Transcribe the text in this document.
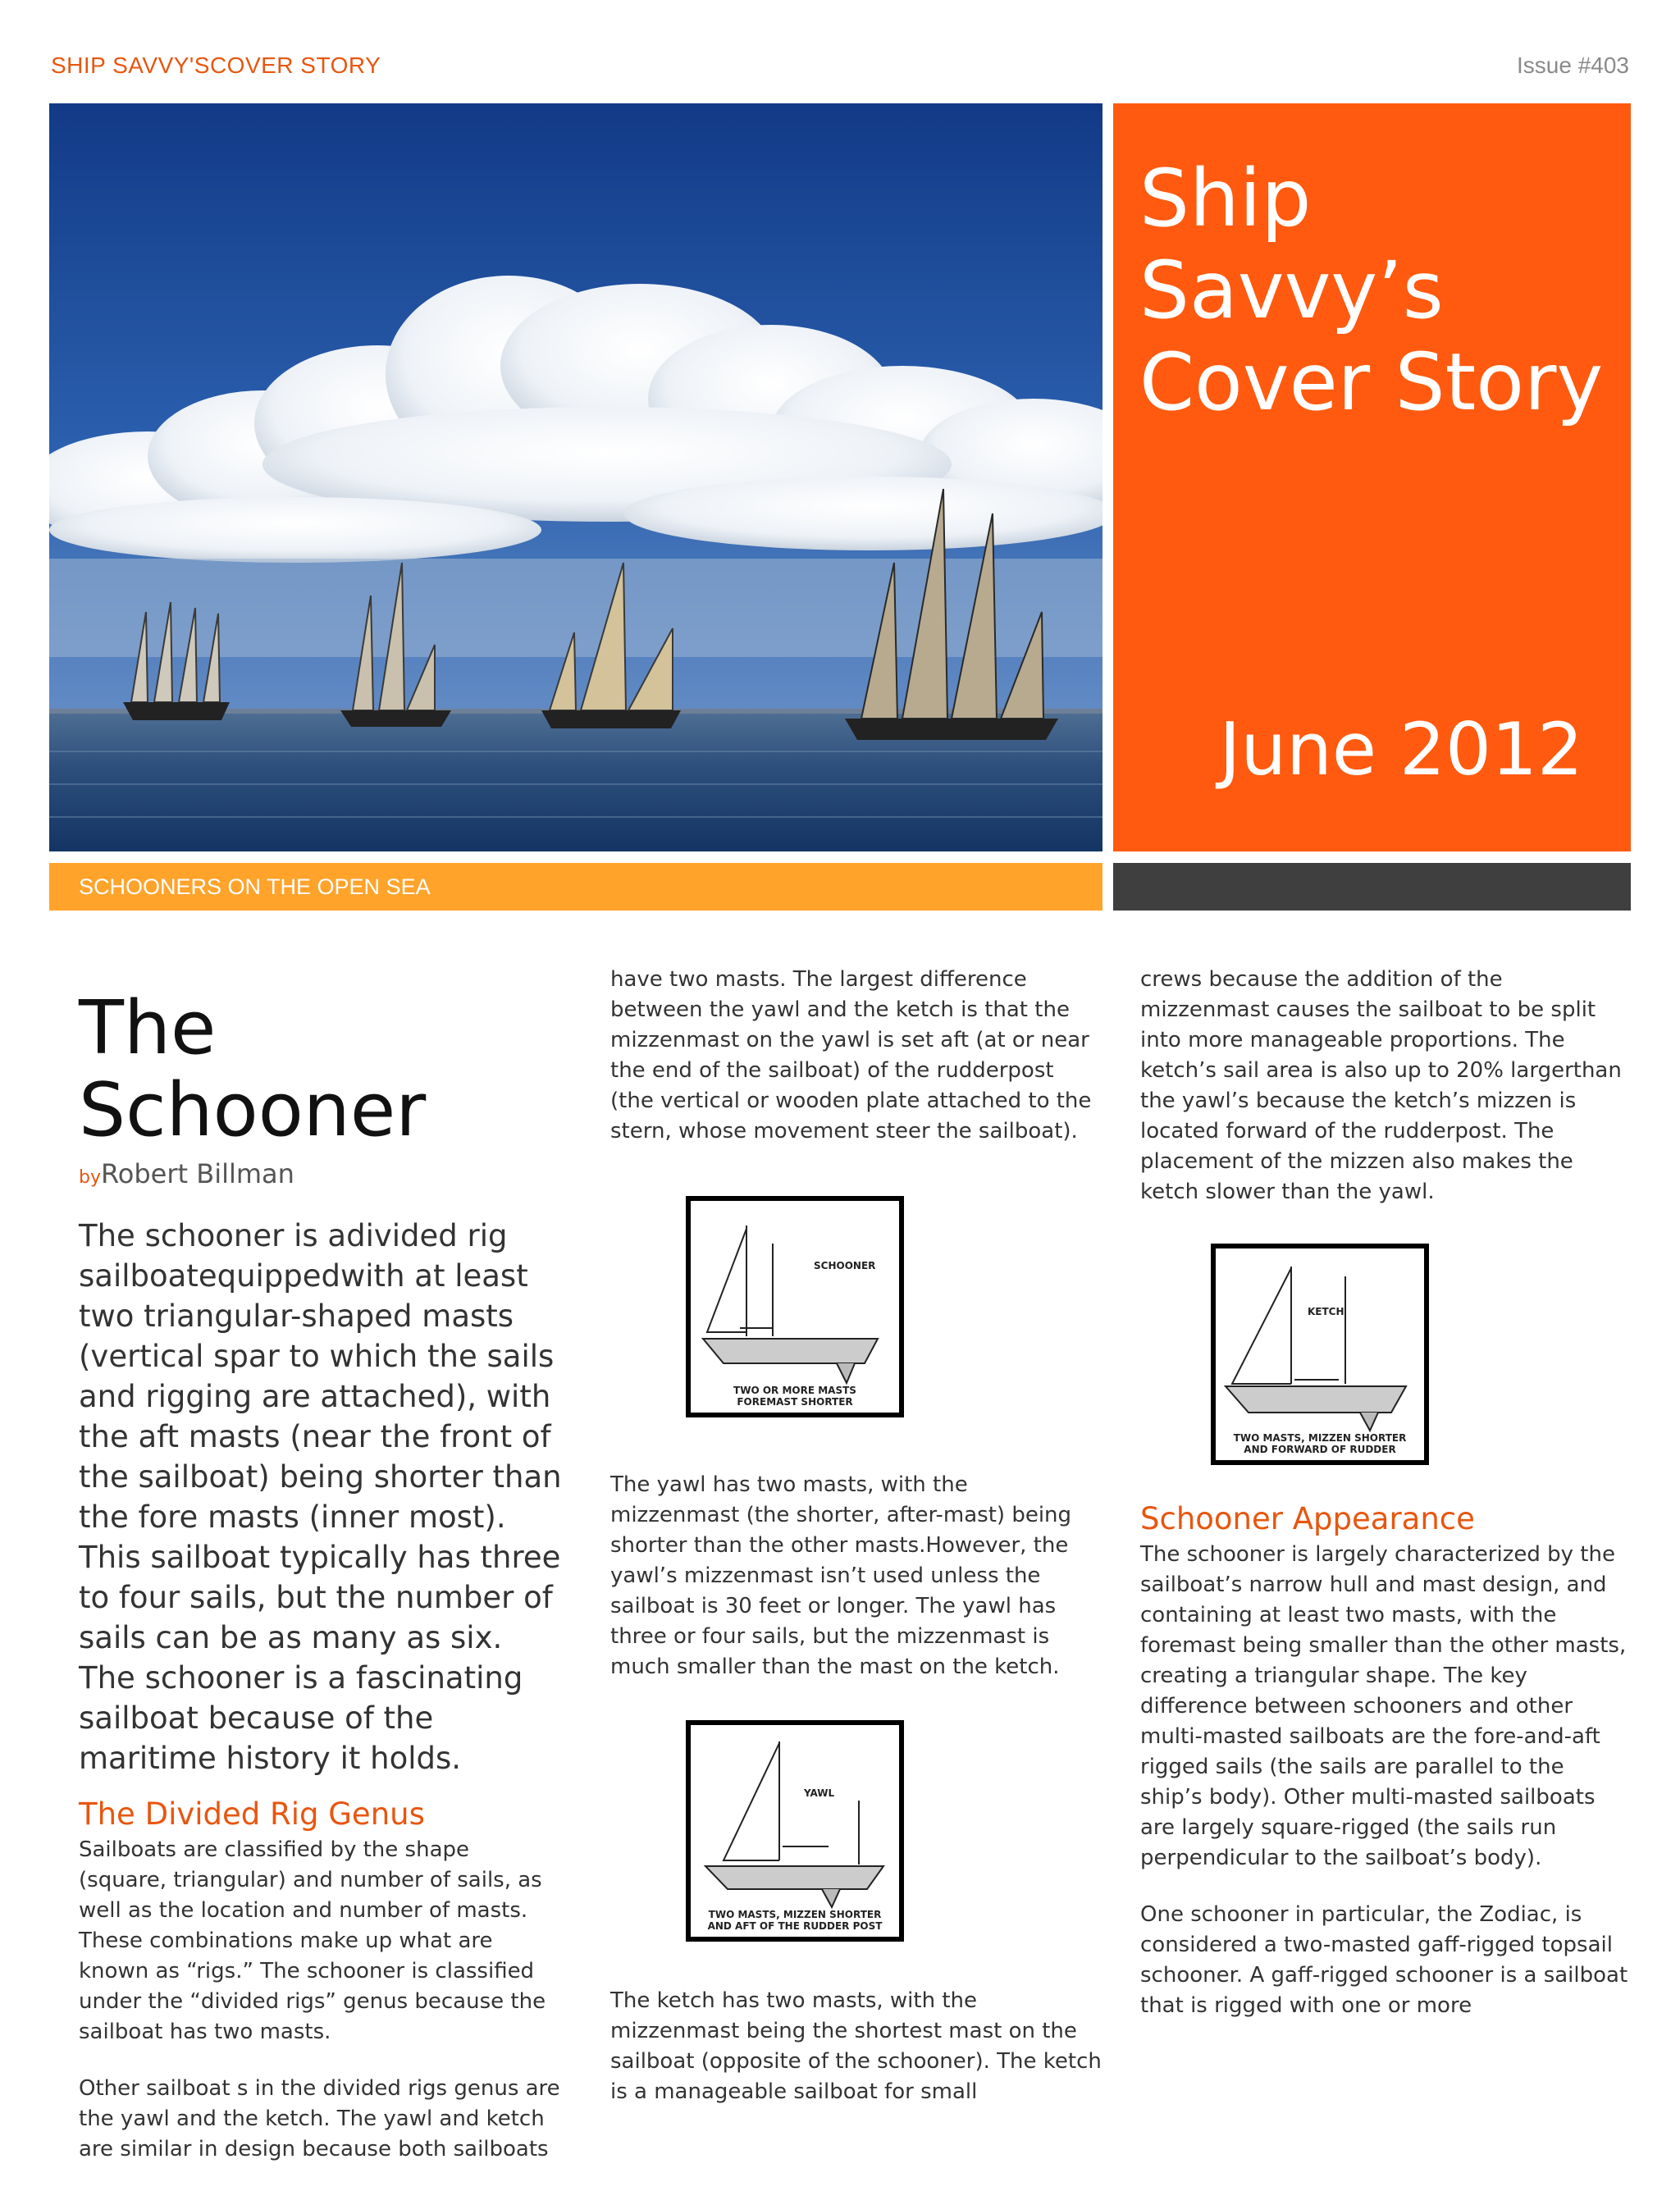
SHIP SAVVY'SCOVER STORY	Issue #403
Ship Savvy’s
Cover Story
June 2012
SCHOONERS ON THE OPEN SEA
The Schooner
byRobert Billman

The schooner is adivided rig sailboatequippedwith at least two triangular-shaped masts (vertical spar to which the sails and rigging are attached), with the aft masts (near the front of the sailboat) being shorter than the fore masts (inner most). This sailboat typically has three to four sails, but the number of sails can be as many as six. The schooner is a fascinating sailboat because of the maritime history it holds.

The Divided Rig Genus

Sailboats are classified by the shape (square, triangular) and number of sails, as well as the location and number of masts. These combinations make up what are known as “rigs.” The schooner is classified under the “divided rigs” genus because the sailboat has two masts.

Other sailboat s in the divided rigs genus are the yawl and the ketch. The yawl and ketch are similar in design because both sailboats

have two masts. The largest difference between the yawl and the ketch is that the mizzenmast on the yawl is set aft (at or near the end of the sailboat) of the rudderpost (the vertical or wooden plate attached to the stern, whose movement steer the sailboat).

SCHOONER
TWO OR MORE MASTS
FOREMAST SHORTER

The yawl has two masts, with the mizzenmast (the shorter, after-mast) being shorter than the other masts.However, the yawl’s mizzenmast isn’t used unless the sailboat is 30 feet or longer. The yawl has three or four sails, but the mizzenmast is much smaller than the mast on the ketch.

YAWL
TWO MASTS, MIZZEN SHORTER
AND AFT OF THE RUDDER POST

The ketch has two masts, with the mizzenmast being the shortest mast on the sailboat (opposite of the schooner). The ketch is a manageable sailboat for small

crews because the addition of the mizzenmast causes the sailboat to be split into more manageable proportions. The ketch’s sail area is also up to 20% largerthan the yawl’s because the ketch’s mizzen is located forward of the rudderpost. The placement of the mizzen also makes the ketch slower than the yawl.

KETCH
TWO MASTS, MIZZEN SHORTER
AND FORWARD OF RUDDER
Schooner Appearance

The schooner is largely characterized by the sailboat’s narrow hull and mast design, and containing at least two masts, with the foremast being smaller than the other masts, creating a triangular shape. The key difference between schooners and other multi-masted sailboats are the fore-and-aft rigged sails (the sails are parallel to the ship’s body). Other multi-masted sailboats are largely square-rigged (the sails run perpendicular to the sailboat’s body).

One schooner in particular, the Zodiac, is considered a two-masted gaff-rigged topsail schooner. A gaff-rigged schooner is a sailboat that is rigged with one or more
